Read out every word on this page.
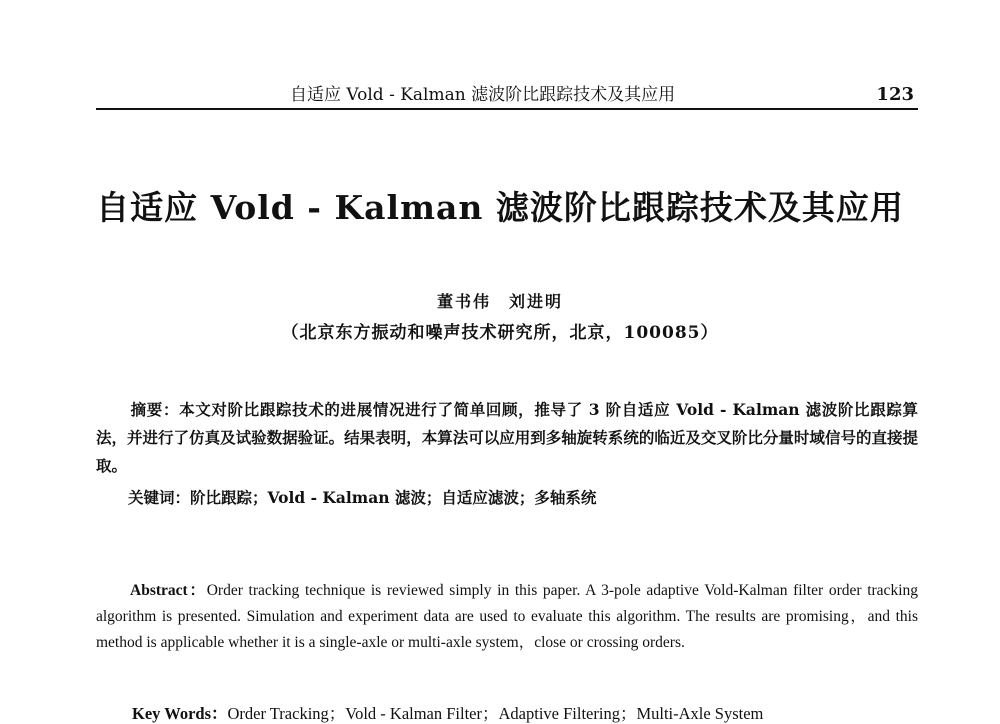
自适应 Vold - Kalman 滤波阶比跟踪技术及其应用	123
自适应 Vold - Kalman 滤波阶比跟踪技术及其应用
董书伟　刘进明
（北京东方振动和噪声技术研究所，北京，100085）
摘要：本文对阶比跟踪技术的进展情况进行了简单回顾，推导了 3 阶自适应 Vold - Kalman 滤波阶比跟踪算法，并进行了仿真及试验数据验证。结果表明，本算法可以应用到多轴旋转系统的临近及交叉阶比分量时域信号的直接提取。
关键词：阶比跟踪；Vold - Kalman 滤波；自适应滤波；多轴系统
Abstract：Order tracking technique is reviewed simply in this paper. A 3-pole adaptive Vold-Kalman filter order tracking algorithm is presented. Simulation and experiment data are used to evaluate this algorithm. The results are promising，and this method is applicable whether it is a single-axle or multi-axle system，close or crossing orders.
Key Words：Order Tracking；Vold - Kalman Filter；Adaptive Filtering；Multi-Axle System
